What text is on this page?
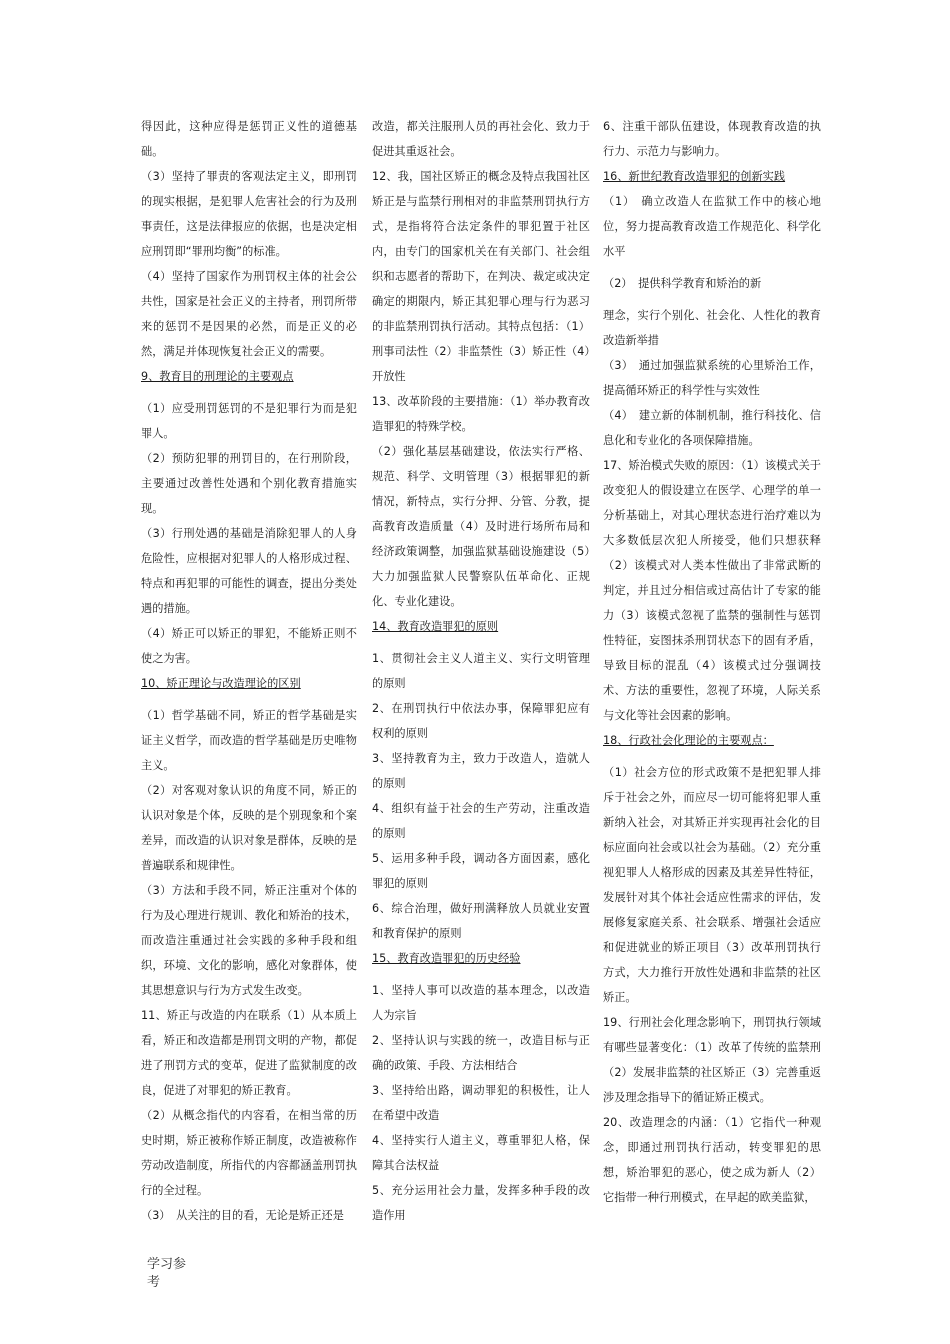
得因此，这种应得是惩罚正义性的道德基础。

（3）坚持了罪责的客观法定主义，即刑罚的现实根据，是犯罪人危害社会的行为及刑事责任，这是法律报应的依据，也是决定相应刑罚即“罪刑均衡”的标准。

（4）坚持了国家作为刑罚权主体的社会公共性，国家是社会正义的主持者，刑罚所带来的惩罚不是因果的必然，而是正义的必然，满足并体现恢复社会正义的需要。

9、教育目的刑理论的主要观点

（1）应受刑罚惩罚的不是犯罪行为而是犯罪人。

（2）预防犯罪的刑罚目的，在行刑阶段，主要通过改善性处遇和个别化教育措施实现。

（3）行刑处遇的基础是消除犯罪人的人身危险性，应根据对犯罪人的人格形成过程、特点和再犯罪的可能性的调查，提出分类处遇的措施。

（4）矫正可以矫正的罪犯，不能矫正则不使之为害。

10、矫正理论与改造理论的区别

（1）哲学基础不同，矫正的哲学基础是实证主义哲学，而改造的哲学基础是历史唯物主义。

（2）对客观对象认识的角度不同，矫正的认识对象是个体，反映的是个别现象和个案差异，而改造的认识对象是群体，反映的是普遍联系和规律性。

（3）方法和手段不同，矫正注重对个体的行为及心理进行规训、教化和矫治的技术，而改造注重通过社会实践的多种手段和组织，环境、文化的影响，感化对象群体，使其思想意识与行为方式发生改变。

11、矫正与改造的内在联系（1）从本质上看，矫正和改造都是刑罚文明的产物，都促进了刑罚方式的变革，促进了监狱制度的改良，促进了对罪犯的矫正教育。

（2）从概念指代的内容看，在相当常的历史时期，矫正被称作矫正制度，改造被称作劳动改造制度，所指代的内容都涵盖刑罚执行的全过程。

（3）　从关注的目的看，无论是矫正还是

改造，都关注服刑人员的再社会化、致力于促进其重返社会。

12、我，国社区矫正的概念及特点我国社区矫正是与监禁行刑相对的非监禁刑罚执行方式，是指将符合法定条件的罪犯置于社区内，由专门的国家机关在有关部门、社会组织和志愿者的帮助下，在判决、裁定或决定确定的期限内，矫正其犯罪心理与行为恶习的非监禁刑罚执行活动。其特点包括：（1）刑事司法性（2）非监禁性（3）矫正性（4）开放性

13、改革阶段的主要措施：（1）举办教育改造罪犯的特殊学校。

（2）强化基层基础建设，依法实行严格、规范、科学、文明管理（3）根据罪犯的新情况，新特点，实行分押、分管、分教，提高教育改造质量（4）及时进行场所布局和经济政策调整，加强监狱基础设施建设（5）大力加强监狱人民警察队伍革命化、正规化、专业化建设。

14、教育改造罪犯的原则

1、贯彻社会主义人道主义、实行文明管理的原则

2、在刑罚执行中依法办事，保障罪犯应有权利的原则

3、坚持教育为主，致力于改造人，造就人的原则

4、组织有益于社会的生产劳动，注重改造的原则

5、运用多种手段，调动各方面因素，感化罪犯的原则

6、综合治理，做好刑满释放人员就业安置和教育保护的原则

15、教育改造罪犯的历史经验

1、坚持人事可以改造的基本理念，以改造人为宗旨

2、坚持认识与实践的统一，改造目标与正确的政策、手段、方法相结合

3、坚持给出路，调动罪犯的积极性，让人在希望中改造

4、坚持实行人道主义，尊重罪犯人格，保障其合法权益

5、充分运用社会力量，发挥多种手段的改造作用

6、注重干部队伍建设，体现教育改造的执行力、示范力与影响力。

16、新世纪教育改造罪犯的创新实践

（1）　确立改造人在监狱工作中的核心地位，努力提高教育改造工作规范化、科学化水平

（2）　提供科学教育和矫治的新

理念，实行个别化、社会化、人性化的教育改造新举措

（3）　通过加强监狱系统的心里矫治工作，提高循环矫正的科学性与实效性

（4）　建立新的体制机制，推行科技化、信息化和专业化的各项保障措施。

17、矫治模式失败的原因：（1）该模式关于改变犯人的假设建立在医学、心理学的单一分析基础上，对其心理状态进行治疗难以为大多数低层次犯人所接受，他们只想获释（2）该模式对人类本性做出了非常武断的判定，并且过分相信或过高估计了专家的能力（3）该模式忽视了监禁的强制性与惩罚性特征，妄图抹杀刑罚状态下的固有矛盾，导致目标的混乱（4）该模式过分强调技术、方法的重要性，忽视了环境，人际关系与文化等社会因素的影响。

18、行政社会化理论的主要观点：

（1）社会方位的形式政策不是把犯罪人排斥于社会之外，而应尽一切可能将犯罪人重新纳入社会，对其矫正并实现再社会化的目标应面向社会或以社会为基础。（2）充分重视犯罪人人格形成的因素及其差异性特征，发展针对其个体社会适应性需求的评估，发展修复家庭关系、社会联系、增强社会适应和促进就业的矫正项目（3）改革刑罚执行方式，大力推行开放性处遇和非监禁的社区矫正。

19、行刑社会化理念影响下，刑罚执行领域有哪些显著变化：（1）改革了传统的监禁刑（2）发展非监禁的社区矫正（3）完善重返涉及理念指导下的循证矫正模式。

20、改造理念的内涵：（1）它指代一种观念，即通过刑罚执行活动，转变罪犯的思想，矫治罪犯的恶心，使之成为新人（2）它指带一种行刑模式，在早起的欧美监狱，

学习参考
